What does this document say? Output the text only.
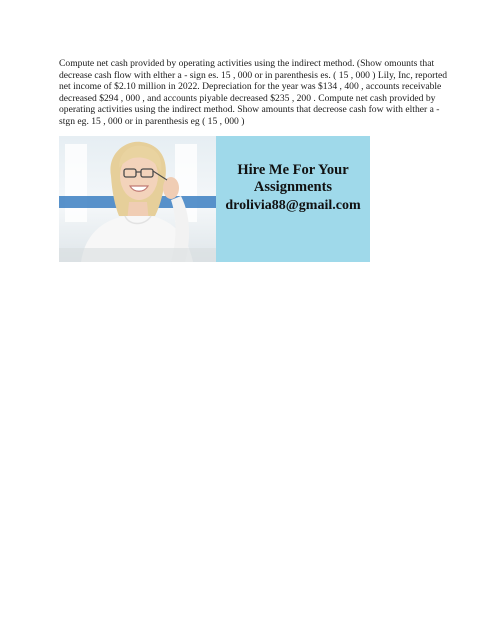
Compute net cash provided by operating activities using the indirect method. (Show omounts that decrease cash flow with elther a - sign es. 15 , 000 or in parenthesis es. ( 15 , 000 ) Lily, Inc, reported net income of $2.10 million in 2022. Depreciation for the year was $134 , 400 , accounts receivable decreased $294 , 000 , and accounts piyable decreased $235 , 200 . Compute net cash provided by operating activities using the indirect method. Show amounts that decreose cash fow with elther a - stgn eg. 15 , 000 or in parenthesis eg ( 15 , 000 )

Hire Me For Your
Assignments
drolivia88@gmail.com
